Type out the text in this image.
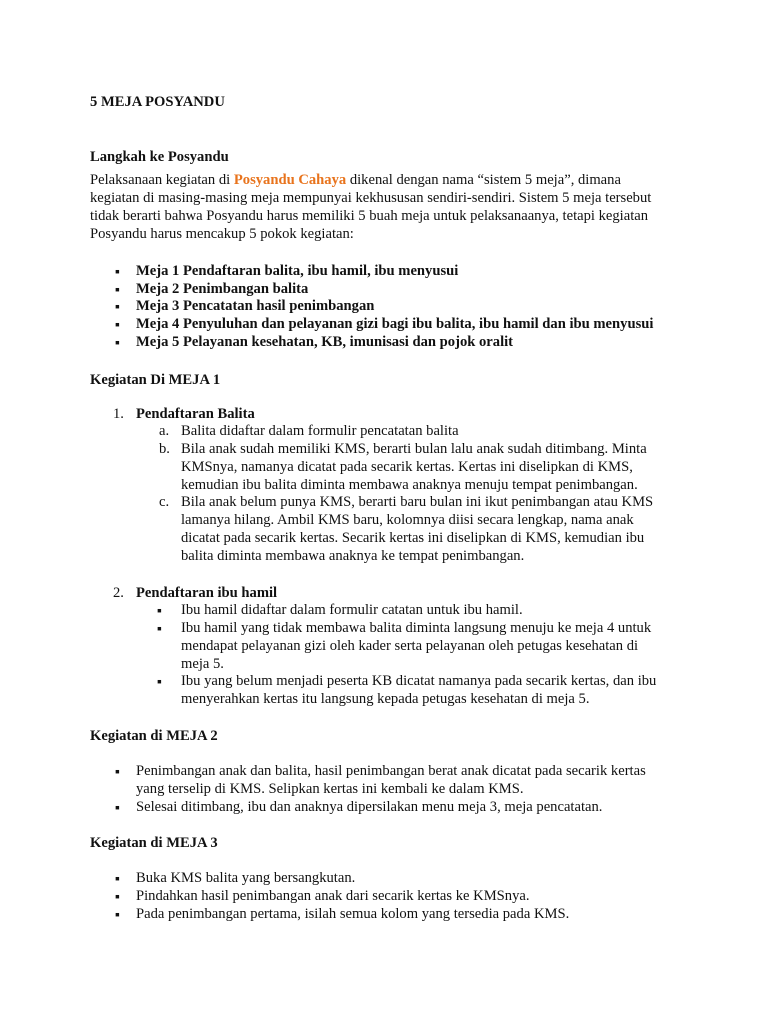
5 MEJA POSYANDU
Langkah ke Posyandu
Pelaksanaan kegiatan di Posyandu Cahaya dikenal dengan nama “sistem 5 meja”, dimana
kegiatan di masing-masing meja mempunyai kekhususan sendiri-sendiri. Sistem 5 meja tersebut
tidak berarti bahwa Posyandu harus memiliki 5 buah meja untuk pelaksanaanya, tetapi kegiatan
Posyandu harus mencakup 5 pokok kegiatan:
▪
Meja 1 Pendaftaran balita, ibu hamil, ibu menyusui
▪
Meja 2 Penimbangan balita
▪
Meja 3 Pencatatan hasil penimbangan
▪
Meja 4 Penyuluhan dan pelayanan gizi bagi ibu balita, ibu hamil dan ibu menyusui
▪
Meja 5 Pelayanan kesehatan, KB, imunisasi dan pojok oralit
Kegiatan Di MEJA 1
1. Pendaftaran Balita
a. Balita didaftar dalam formulir pencatatan balita
b. Bila anak sudah memiliki KMS, berarti bulan lalu anak sudah ditimbang. Minta
KMSnya, namanya dicatat pada secarik kertas. Kertas ini diselipkan di KMS,
kemudian ibu balita diminta membawa anaknya menuju tempat penimbangan.
c. Bila anak belum punya KMS, berarti baru bulan ini ikut penimbangan atau KMS
lamanya hilang. Ambil KMS baru, kolomnya diisi secara lengkap, nama anak
dicatat pada secarik kertas. Secarik kertas ini diselipkan di KMS, kemudian ibu
balita diminta membawa anaknya ke tempat penimbangan.
2. Pendaftaran ibu hamil
▪
Ibu hamil didaftar dalam formulir catatan untuk ibu hamil.
▪
Ibu hamil yang tidak membawa balita diminta langsung menuju ke meja 4 untuk
mendapat pelayanan gizi oleh kader serta pelayanan oleh petugas kesehatan di
meja 5.
▪
Ibu yang belum menjadi peserta KB dicatat namanya pada secarik kertas, dan ibu
menyerahkan kertas itu langsung kepada petugas kesehatan di meja 5.
Kegiatan di MEJA 2
▪
Penimbangan anak dan balita, hasil penimbangan berat anak dicatat pada secarik kertas
yang terselip di KMS. Selipkan kertas ini kembali ke dalam KMS.
▪
Selesai ditimbang, ibu dan anaknya dipersilakan menu meja 3, meja pencatatan.
Kegiatan di MEJA 3
▪
Buka KMS balita yang bersangkutan.
▪
Pindahkan hasil penimbangan anak dari secarik kertas ke KMSnya.
▪
Pada penimbangan pertama, isilah semua kolom yang tersedia pada KMS.
